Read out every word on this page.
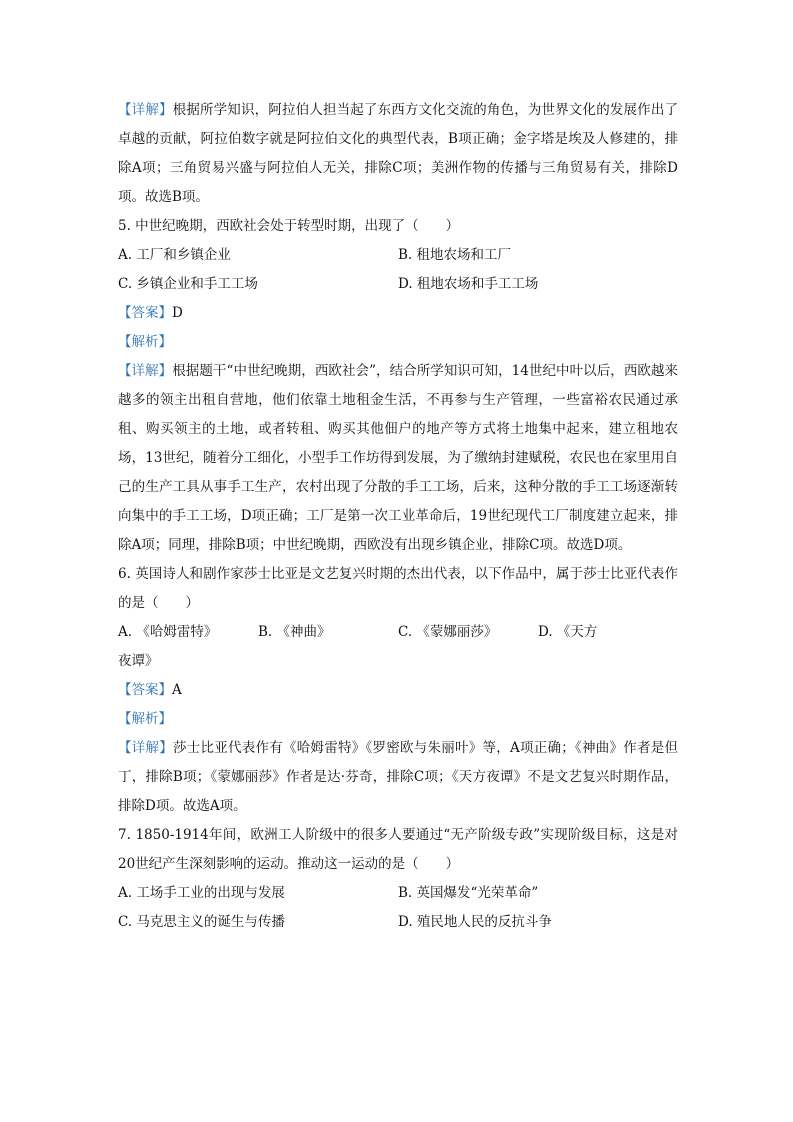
【详解】根据所学知识，阿拉伯人担当起了东西方文化交流的角色，为世界文化的发展作出了卓越的贡献，阿拉伯数字就是阿拉伯文化的典型代表，B项正确；金字塔是埃及人修建的，排除A项；三角贸易兴盛与阿拉伯人无关，排除C项；美洲作物的传播与三角贸易有关，排除D项。故选B项。

5. 中世纪晚期，西欧社会处于转型时期，出现了（　　）

A. 工厂和乡镇企业	B. 租地农场和工厂
C. 乡镇企业和手工工场	D. 租地农场和手工工场

【答案】D

【解析】

【详解】根据题干“中世纪晚期，西欧社会”，结合所学知识可知，14世纪中叶以后，西欧越来越多的领主出租自营地，他们依靠土地租金生活，不再参与生产管理，一些富裕农民通过承租、购买领主的土地，或者转租、购买其他佃户的地产等方式将土地集中起来，建立租地农场，13世纪，随着分工细化，小型手工作坊得到发展，为了缴纳封建赋税，农民也在家里用自己的生产工具从事手工生产，农村出现了分散的手工工场，后来，这种分散的手工工场逐渐转向集中的手工工场，D项正确；工厂是第一次工业革命后，19世纪现代工厂制度建立起来，排除A项；同理，排除B项；中世纪晚期，西欧没有出现乡镇企业，排除C项。故选D项。

6. 英国诗人和剧作家莎士比亚是文艺复兴时期的杰出代表，以下作品中，属于莎士比亚代表作的是（　　）

A. 《哈姆雷特》	B. 《神曲》	C. 《蒙娜丽莎》	D. 《天方

夜谭》

【答案】A

【解析】

【详解】莎士比亚代表作有《哈姆雷特》《罗密欧与朱丽叶》等，A项正确；《神曲》作者是但丁，排除B项；《蒙娜丽莎》作者是达·芬奇，排除C项；《天方夜谭》不是文艺复兴时期作品，排除D项。故选A项。

7. 1850-1914年间，欧洲工人阶级中的很多人要通过“无产阶级专政”实现阶级目标，这是对20世纪产生深刻影响的运动。推动这一运动的是（　　）

A. 工场手工业的出现与发展	B. 英国爆发“光荣革命”
C. 马克思主义的诞生与传播	D. 殖民地人民的反抗斗争
